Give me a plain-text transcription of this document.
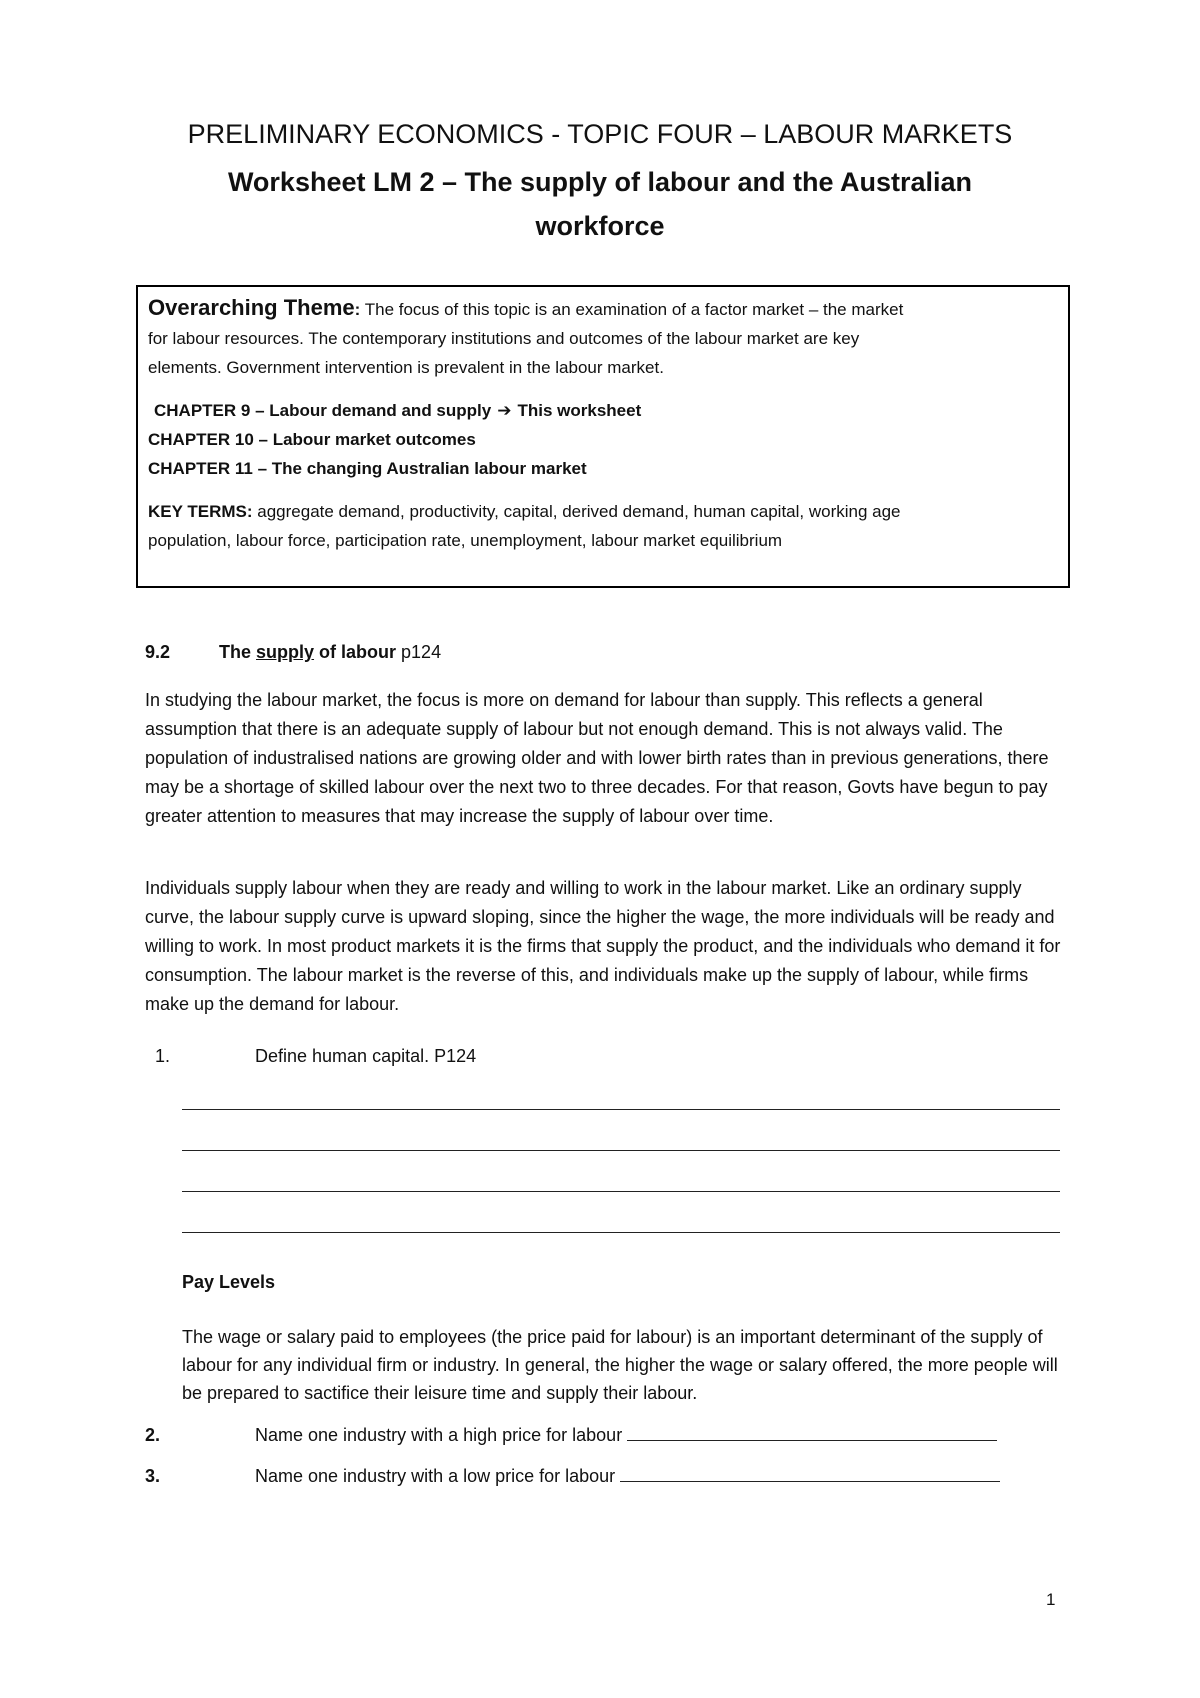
PRELIMINARY ECONOMICS - TOPIC FOUR – LABOUR MARKETS
Worksheet LM 2 – The supply of labour and the Australian
workforce

Overarching Theme: The focus of this topic is an examination of a factor market – the market

for labour resources. The contemporary institutions and outcomes of the labour market are key

elements. Government intervention is prevalent in the labour market.

CHAPTER 9 – Labour demand and supply ➔ This worksheet

CHAPTER 10 – Labour market outcomes

CHAPTER 11 – The changing Australian labour market

KEY TERMS: aggregate demand, productivity, capital, derived demand, human capital, working age

population, labour force, participation rate, unemployment, labour market equilibrium

9.2	The supply of labour p124

In studying the labour market, the focus is more on demand for labour than supply. This reflects a general assumption that there is an adequate supply of labour but not enough demand. This is not always valid. The population of industralised nations are growing older and with lower birth rates than in previous generations, there may be a shortage of skilled labour over the next two to three decades. For that reason, Govts have begun to pay greater attention to measures that may increase the supply of labour over time.

Individuals supply labour when they are ready and willing to work in the labour market. Like an ordinary supply curve, the labour supply curve is upward sloping, since the higher the wage, the more individuals will be ready and willing to work. In most product markets it is the firms that supply the product, and the individuals who demand it for consumption. The labour market is the reverse of this, and individuals make up the supply of labour, while firms make up the demand for labour.

1.	Define human capital. P124
Pay Levels

The wage or salary paid to employees (the price paid for labour) is an important determinant of the supply of labour for any individual firm or industry. In general, the higher the wage or salary offered, the more people will be prepared to sactifice their leisure time and supply their labour.

2.	Name one industry with a high price for labour
3.	Name one industry with a low price for labour
1
